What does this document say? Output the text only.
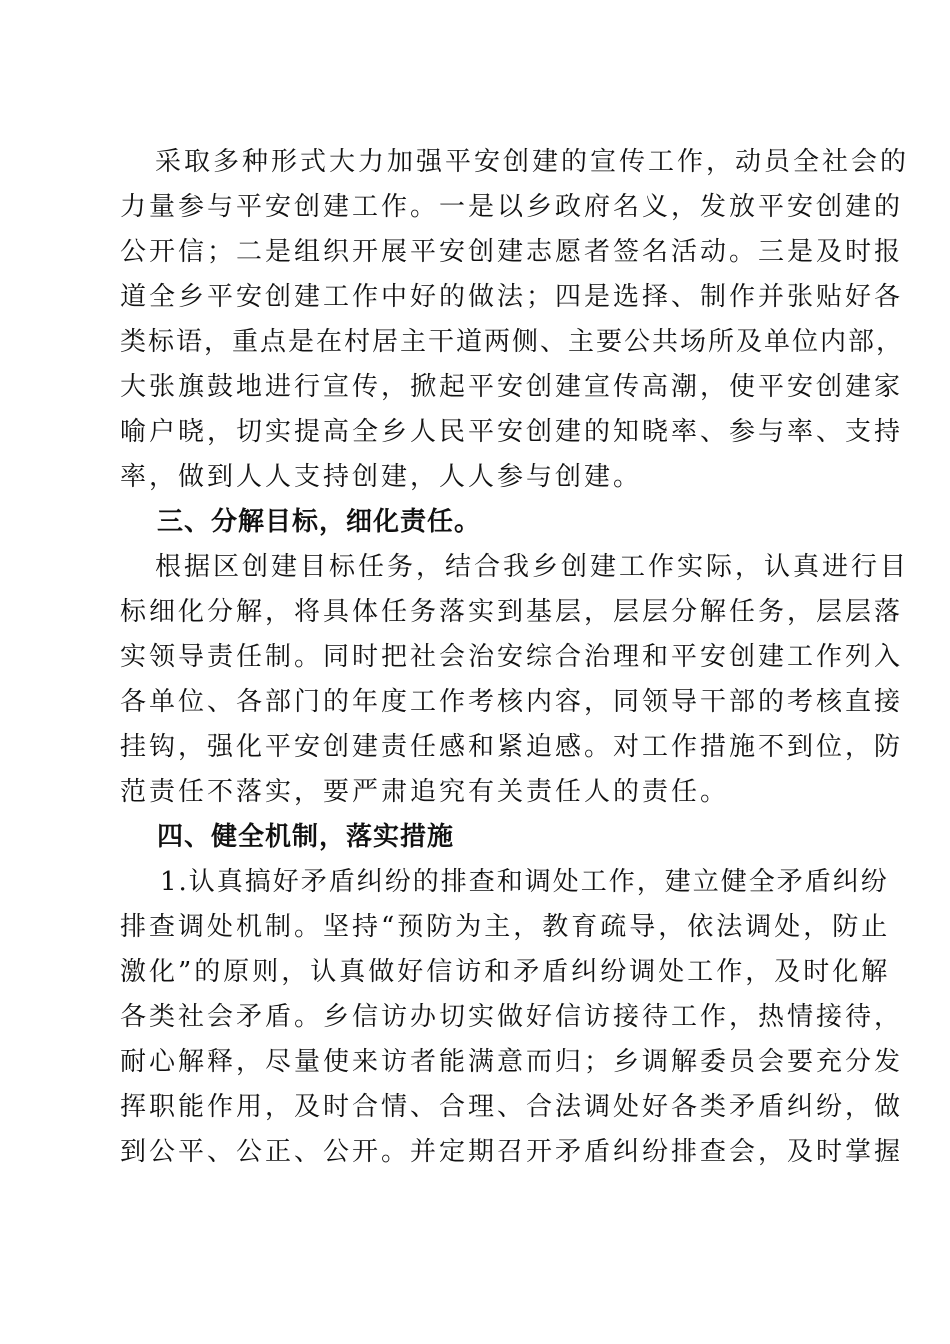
采取多种形式大力加强平安创建的宣传工作，动员全社会的
力量参与平安创建工作。一是以乡政府名义，发放平安创建的
公开信；二是组织开展平安创建志愿者签名活动。三是及时报
道全乡平安创建工作中好的做法；四是选择、制作并张贴好各
类标语，重点是在村居主干道两侧、主要公共场所及单位内部，
大张旗鼓地进行宣传，掀起平安创建宣传高潮，使平安创建家
喻户晓，切实提高全乡人民平安创建的知晓率、参与率、支持
率，做到人人支持创建，人人参与创建。
三、分解目标，细化责任。
根据区创建目标任务，结合我乡创建工作实际，认真进行目
标细化分解，将具体任务落实到基层，层层分解任务，层层落
实领导责任制。同时把社会治安综合治理和平安创建工作列入
各单位、各部门的年度工作考核内容，同领导干部的考核直接
挂钩，强化平安创建责任感和紧迫感。对工作措施不到位，防
范责任不落实，要严肃追究有关责任人的责任。
四、健全机制，落实措施
1.认真搞好矛盾纠纷的排查和调处工作，建立健全矛盾纠纷
排查调处机制。坚持“预防为主，教育疏导，依法调处，防止
激化”的原则，认真做好信访和矛盾纠纷调处工作，及时化解
各类社会矛盾。乡信访办切实做好信访接待工作，热情接待，
耐心解释，尽量使来访者能满意而归；乡调解委员会要充分发
挥职能作用，及时合情、合理、合法调处好各类矛盾纠纷，做
到公平、公正、公开。并定期召开矛盾纠纷排查会，及时掌握
